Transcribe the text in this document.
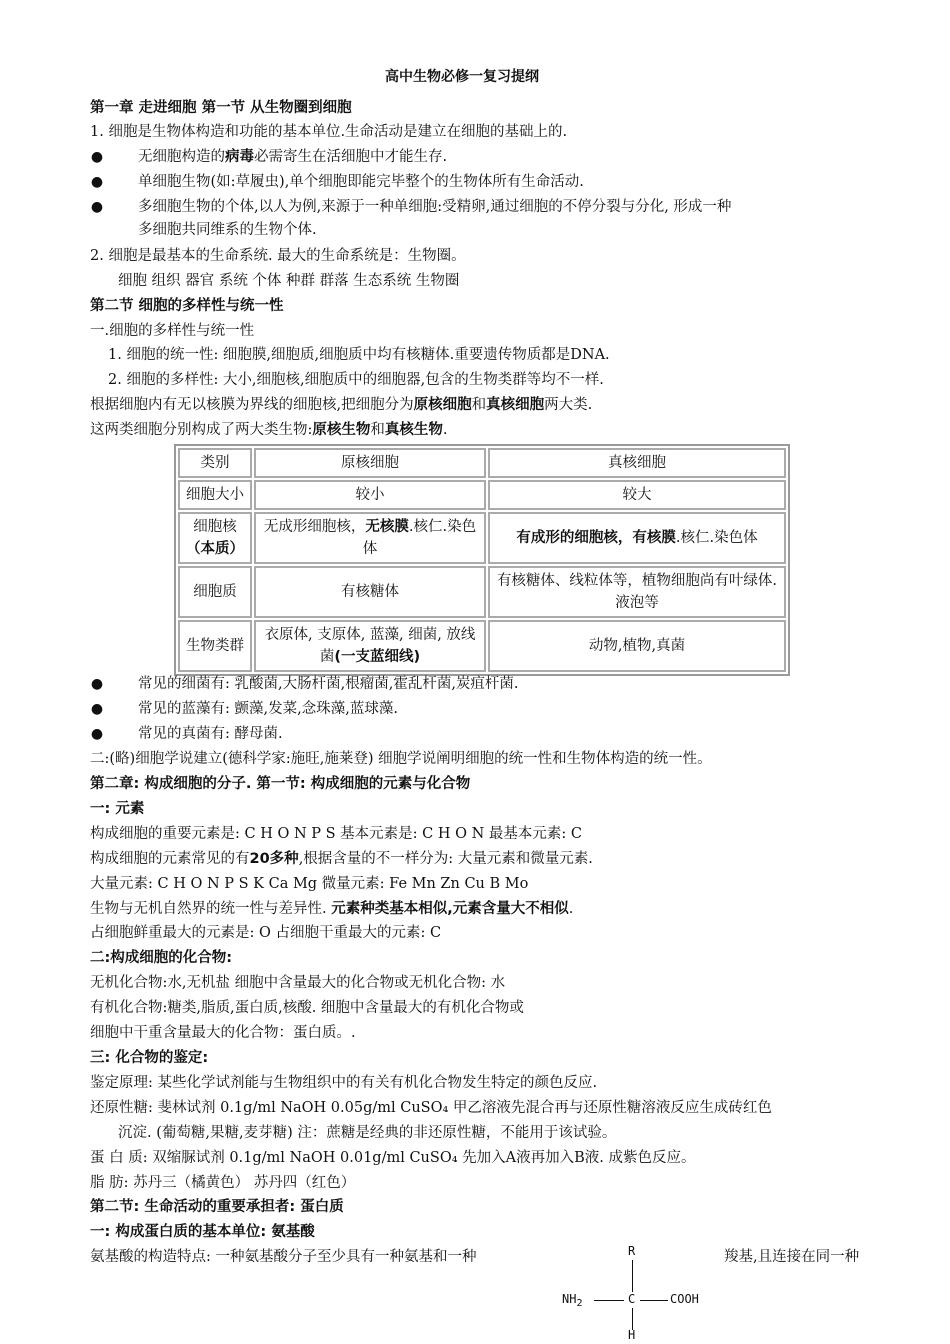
高中生物必修一复习提纲
第一章 走进细胞 第一节 从生物圈到细胞
1. 细胞是生物体构造和功能的基本单位.生命活动是建立在细胞的基础上的.
● 无细胞构造的病毒必需寄生在活细胞中才能生存.
● 单细胞生物(如:草履虫),单个细胞即能完毕整个的生物体所有生命活动.
● 多细胞生物的个体,以人为例,来源于一种单细胞:受精卵,通过细胞的不停分裂与分化, 形成一种
多细胞共同维系的生物个体.
2. 细胞是最基本的生命系统. 最大的生命系统是：生物圈。
细胞 组织 器官 系统 个体 种群 群落 生态系统 生物圈
第二节 细胞的多样性与统一性
一.细胞的多样性与统一性
1. 细胞的统一性: 细胞膜,细胞质,细胞质中均有核糖体.重要遗传物质都是DNA.
2. 细胞的多样性: 大小,细胞核,细胞质中的细胞器,包含的生物类群等均不一样.
根据细胞内有无以核膜为界线的细胞核,把细胞分为原核细胞和真核细胞两大类.
这两类细胞分别构成了两大类生物:原核生物和真核生物.
类别	原核细胞	真核细胞
细胞大小	较小	较大
细胞核
（本质）	无成形细胞核，无核膜.核仁.染色体	有成形的细胞核，有核膜.核仁.染色体
细胞质	有核糖体	有核糖体、线粒体等，植物细胞尚有叶绿体.液泡等
生物类群	衣原体, 支原体, 蓝藻, 细菌, 放线菌(一支蓝细线)	动物,植物,真菌
● 常见的细菌有: 乳酸菌,大肠杆菌,根瘤菌,霍乱杆菌,炭疽杆菌.
● 常见的蓝藻有: 颤藻,发菜,念珠藻,蓝球藻.
● 常见的真菌有: 酵母菌.
二:(略)细胞学说建立(德科学家:施旺,施莱登) 细胞学说阐明细胞的统一性和生物体构造的统一性。
第二章: 构成细胞的分子. 第一节: 构成细胞的元素与化合物
一: 元素
构成细胞的重要元素是: C H O N P S 基本元素是: C H O N 最基本元素: C
构成细胞的元素常见的有20多种,根据含量的不一样分为: 大量元素和微量元素.
大量元素: C H O N P S K Ca Mg 微量元素: Fe Mn Zn Cu B Mo
生物与无机自然界的统一性与差异性. 元素种类基本相似,元素含量大不相似.
占细胞鲜重最大的元素是: O 占细胞干重最大的元素: C
二:构成细胞的化合物:
无机化合物:水,无机盐 细胞中含量最大的化合物或无机化合物: 水
有机化合物:糖类,脂质,蛋白质,核酸. 细胞中含量最大的有机化合物或
细胞中干重含量最大的化合物：蛋白质。.
三: 化合物的鉴定:
鉴定原理: 某些化学试剂能与生物组织中的有关有机化合物发生特定的颜色反应.
还原性糖: 斐林试剂 0.1g/ml NaOH 0.05g/ml CuSO₄ 甲乙溶液先混合再与还原性糖溶液反应生成砖红色
沉淀. (葡萄糖,果糖,麦芽糖) 注：蔗糖是经典的非还原性糖，不能用于该试验。
蛋 白 质: 双缩脲试剂 0.1g/ml NaOH 0.01g/ml CuSO₄ 先加入A液再加入B液. 成紫色反应。
脂 肪: 苏丹三（橘黄色） 苏丹四（红色）
第二节: 生命活动的重要承担者: 蛋白质
一: 构成蛋白质的基本单位: 氨基酸
氨基酸的构造特点: 一种氨基酸分子至少具有一种氨基和一种	羧基,且连接在同一种
R
$NH_2$	C	COOH
H
